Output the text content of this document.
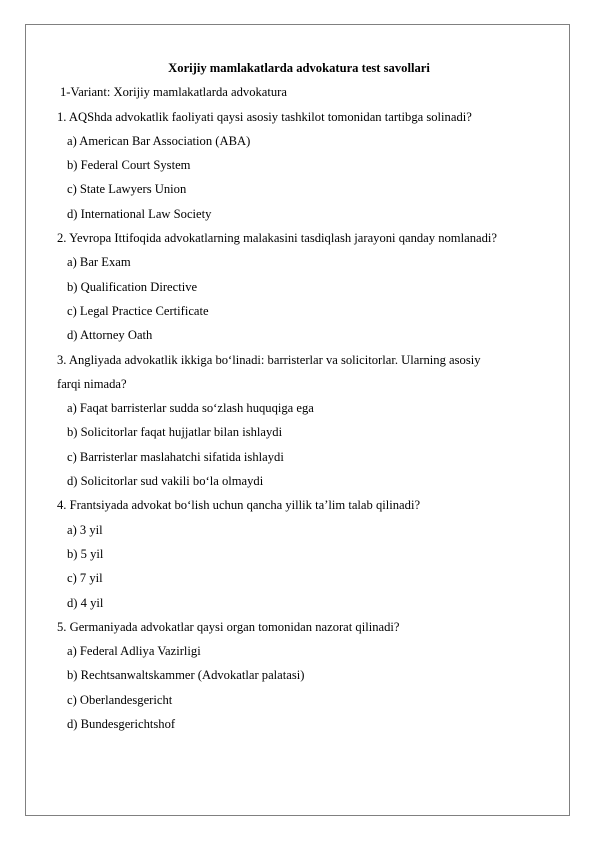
Xorijiy mamlakatlarda advokatura test savollari
1-Variant: Xorijiy mamlakatlarda advokatura
1. AQShda advokatlik faoliyati qaysi asosiy tashkilot tomonidan tartibga solinadi?
a) American Bar Association (ABA)
b) Federal Court System
c) State Lawyers Union
d) International Law Society
2. Yevropa Ittifoqida advokatlarning malakasini tasdiqlash jarayoni qanday nomlanadi?
a) Bar Exam
b) Qualification Directive
c) Legal Practice Certificate
d) Attorney Oath
3. Angliyada advokatlik ikkiga bo‘linadi: barristerlar va solicitorlar. Ularning asosiy
farqi nimada?
a) Faqat barristerlar sudda so‘zlash huquqiga ega
b) Solicitorlar faqat hujjatlar bilan ishlaydi
c) Barristerlar maslahatchi sifatida ishlaydi
d) Solicitorlar sud vakili bo‘la olmaydi
4. Frantsiyada advokat bo‘lish uchun qancha yillik ta’lim talab qilinadi?
a) 3 yil
b) 5 yil
c) 7 yil
d) 4 yil
5. Germaniyada advokatlar qaysi organ tomonidan nazorat qilinadi?
a) Federal Adliya Vazirligi
b) Rechtsanwaltskammer (Advokatlar palatasi)
c) Oberlandesgericht
d) Bundesgerichtshof
